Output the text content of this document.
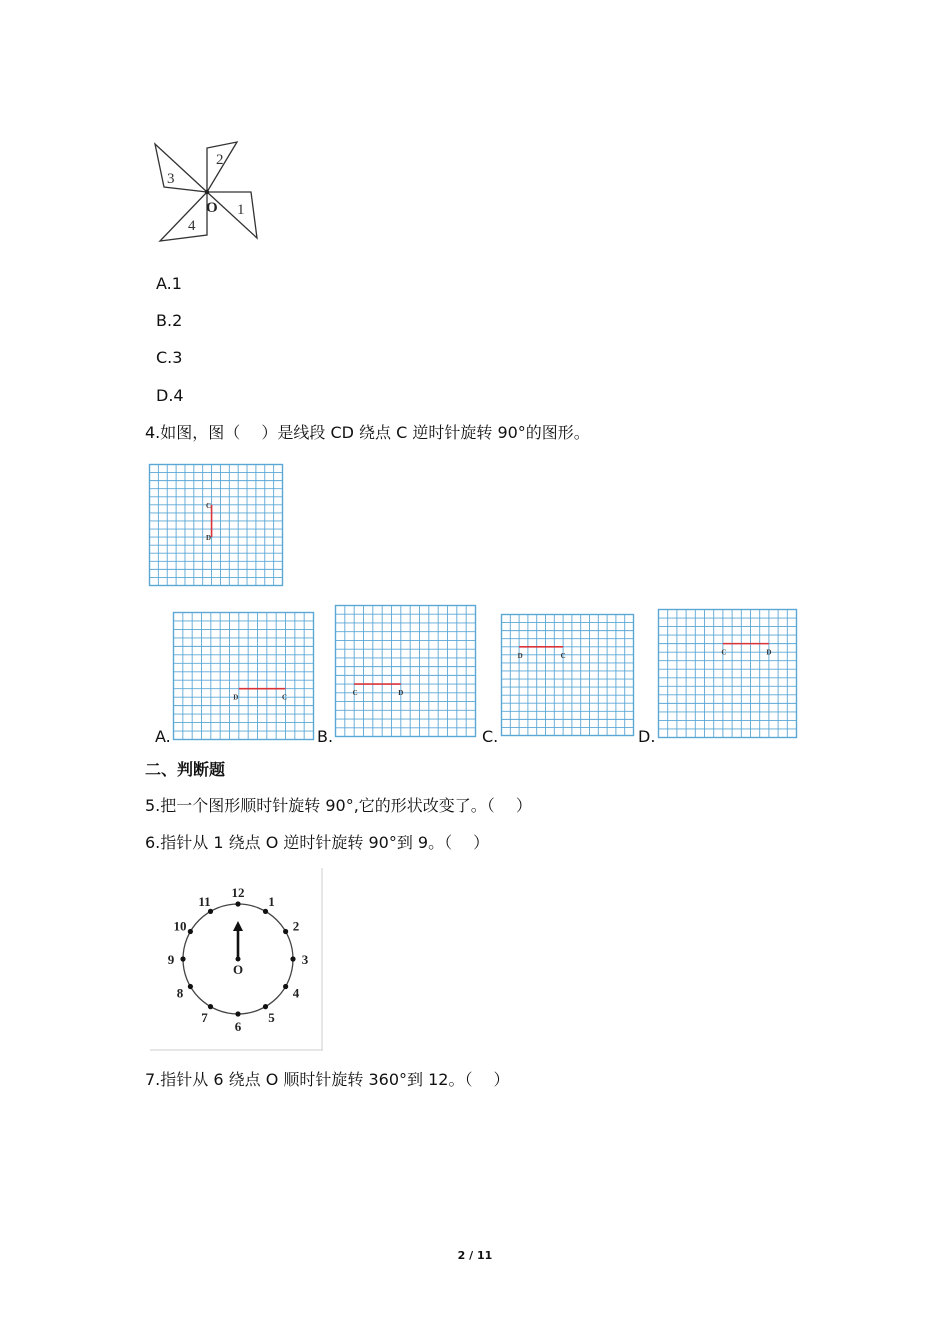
2
3
1
4
O
A.1
B.2
C.3
D.4
4.如图，图（　 ）是线段 CD 绕点 C 逆时针旋转 90°的图形。
C
D
D	C
C	D
D	C	C	D
A.	B.	C.	D.
二、判断题
5.把一个图形顺时针旋转 90°,它的形状改变了。（　 ）
6.指针从 1 绕点 O 逆时针旋转 90°到 9。（　 ）
12
1
2
3
4
5
6
7
8
9
10
11
O
7.指针从 6 绕点 O 顺时针旋转 360°到 12。（　 ）
2 / 11
